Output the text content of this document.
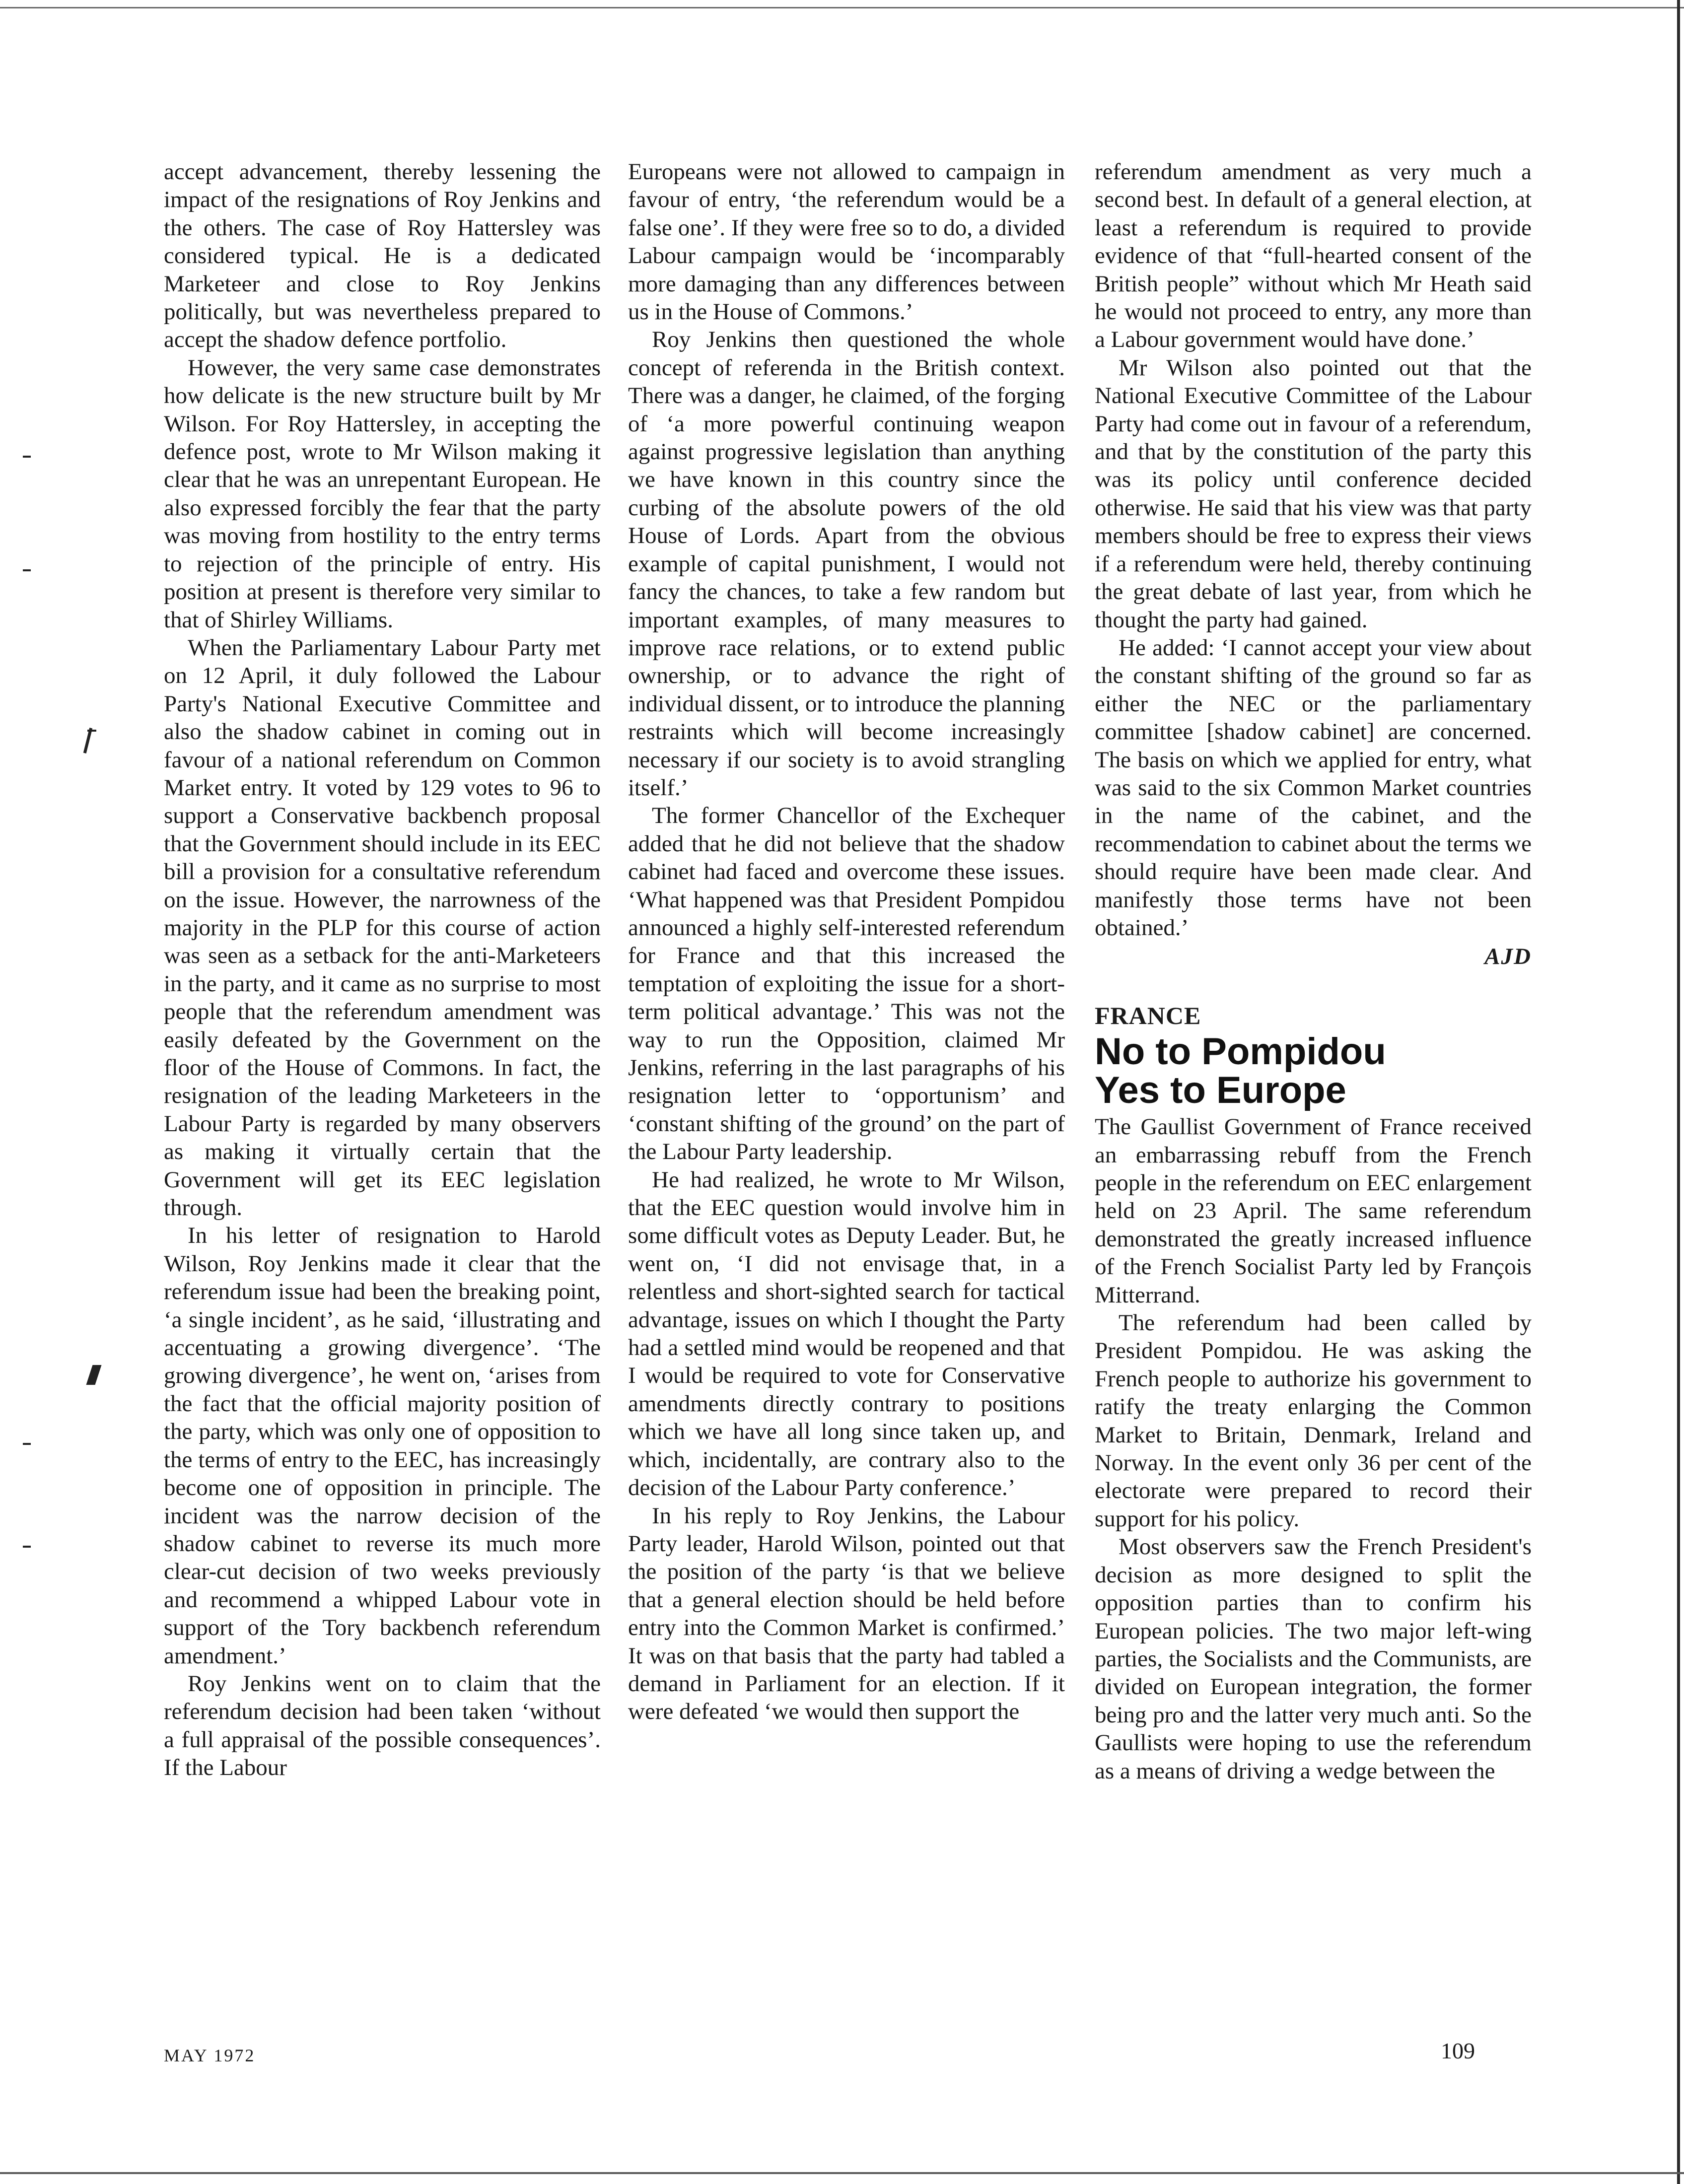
accept advancement, thereby lessening the impact of the resignations of Roy Jenkins and the others. The case of Roy Hattersley was considered typical. He is a dedicated Marketeer and close to Roy Jenkins politically, but was nevertheless prepared to accept the shadow defence portfolio.

However, the very same case demonstrates how delicate is the new structure built by Mr Wilson. For Roy Hattersley, in accepting the defence post, wrote to Mr Wilson making it clear that he was an unrepentant European. He also expressed forcibly the fear that the party was moving from hostility to the entry terms to rejection of the principle of entry. His position at present is therefore very similar to that of Shirley Williams.

When the Parliamentary Labour Party met on 12 April, it duly followed the Labour Party's National Executive Committee and also the shadow cabinet in coming out in favour of a national referendum on Common Market entry. It voted by 129 votes to 96 to support a Conservative backbench proposal that the Government should include in its EEC bill a provision for a consultative referendum on the issue. However, the narrowness of the majority in the PLP for this course of action was seen as a setback for the anti-Marketeers in the party, and it came as no surprise to most people that the referendum amendment was easily defeated by the Government on the floor of the House of Commons. In fact, the resignation of the leading Marketeers in the Labour Party is regarded by many observers as making it virtually certain that the Government will get its EEC legislation through.

In his letter of resignation to Harold Wilson, Roy Jenkins made it clear that the referendum issue had been the breaking point, ‘a single incident’, as he said, ‘illustrating and accentuating a growing divergence’. ‘The growing divergence’, he went on, ‘arises from the fact that the official majority position of the party, which was only one of opposition to the terms of entry to the EEC, has increasingly become one of opposition in principle. The incident was the narrow decision of the shadow cabinet to reverse its much more clear-cut decision of two weeks previously and recommend a whipped Labour vote in support of the Tory backbench referendum amendment.’

Roy Jenkins went on to claim that the referendum decision had been taken ‘without a full appraisal of the possible consequences’. If the Labour

Europeans were not allowed to campaign in favour of entry, ‘the referendum would be a false one’. If they were free so to do, a divided Labour campaign would be ‘incomparably more damaging than any differences between us in the House of Commons.’

Roy Jenkins then questioned the whole concept of referenda in the British context. There was a danger, he claimed, of the forging of ‘a more powerful continuing weapon against progressive legislation than anything we have known in this country since the curbing of the absolute powers of the old House of Lords. Apart from the obvious example of capital punishment, I would not fancy the chances, to take a few random but important examples, of many measures to improve race relations, or to extend public ownership, or to advance the right of individual dissent, or to introduce the planning restraints which will become increasingly necessary if our society is to avoid strangling itself.’

The former Chancellor of the Exchequer added that he did not believe that the shadow cabinet had faced and overcome these issues. ‘What happened was that President Pompidou announced a highly self-interested referendum for France and that this increased the temptation of exploiting the issue for a short-term political advantage.’ This was not the way to run the Opposition, claimed Mr Jenkins, referring in the last paragraphs of his resignation letter to ‘opportunism’ and ‘constant shifting of the ground’ on the part of the Labour Party leadership.

He had realized, he wrote to Mr Wilson, that the EEC question would involve him in some difficult votes as Deputy Leader. But, he went on, ‘I did not envisage that, in a relentless and short-sighted search for tactical advantage, issues on which I thought the Party had a settled mind would be reopened and that I would be required to vote for Conservative amendments directly contrary to positions which we have all long since taken up, and which, incidentally, are contrary also to the decision of the Labour Party conference.’

In his reply to Roy Jenkins, the Labour Party leader, Harold Wilson, pointed out that the position of the party ‘is that we believe that a general election should be held before entry into the Common Market is confirmed.’ It was on that basis that the party had tabled a demand in Parliament for an election. If it were defeated ‘we would then support the

referendum amendment as very much a second best. In default of a general election, at least a referendum is required to provide evidence of that “full-hearted consent of the British people” without which Mr Heath said he would not proceed to entry, any more than a Labour government would have done.’

Mr Wilson also pointed out that the National Executive Committee of the Labour Party had come out in favour of a referendum, and that by the constitution of the party this was its policy until conference decided otherwise. He said that his view was that party members should be free to express their views if a referendum were held, thereby continuing the great debate of last year, from which he thought the party had gained.

He added: ‘I cannot accept your view about the constant shifting of the ground so far as either the NEC or the parliamentary committee [shadow cabinet] are concerned. The basis on which we applied for entry, what was said to the six Common Market countries in the name of the cabinet, and the recommendation to cabinet about the terms we should require have been made clear. And manifestly those terms have not been obtained.’

AJD

FRANCE

No to Pompidou
Yes to Europe

The Gaullist Government of France received an embarrassing rebuff from the French people in the referendum on EEC enlargement held on 23 April. The same referendum demonstrated the greatly increased influence of the French Socialist Party led by François Mitterrand.

The referendum had been called by President Pompidou. He was asking the French people to authorize his government to ratify the treaty enlarging the Common Market to Britain, Denmark, Ireland and Norway. In the event only 36 per cent of the electorate were prepared to record their support for his policy.

Most observers saw the French President's decision as more designed to split the opposition parties than to confirm his European policies. The two major left-wing parties, the Socialists and the Communists, are divided on European integration, the former being pro and the latter very much anti. So the Gaullists were hoping to use the referendum as a means of driving a wedge between the

MAY 1972	109
